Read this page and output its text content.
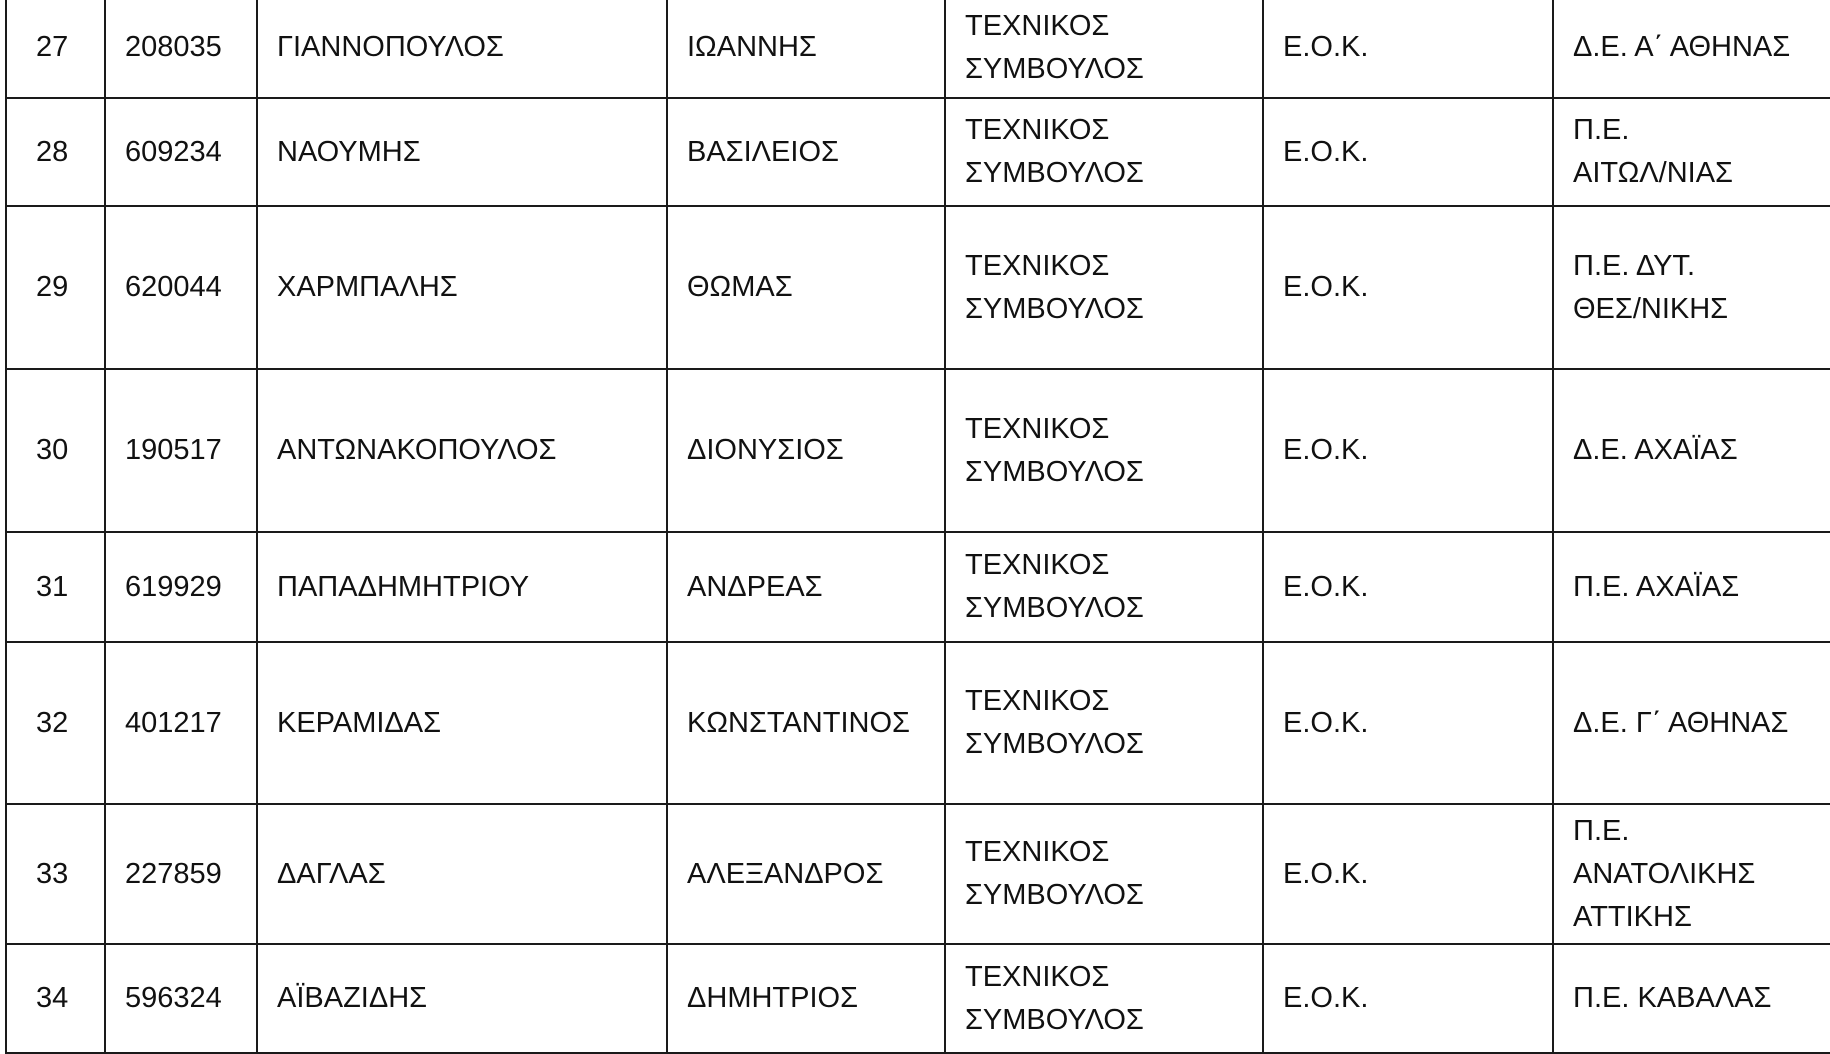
27	208035	ΓΙΑΝΝΟΠΟΥΛΟΣ	ΙΩΑΝΝΗΣ	ΤΕΧΝΙΚΟΣ
ΣΥΜΒΟΥΛΟΣ	Ε.Ο.Κ.	Δ.Ε. Α΄ ΑΘΗΝΑΣ

28	609234	ΝΑΟΥΜΗΣ	ΒΑΣΙΛΕΙΟΣ	ΤΕΧΝΙΚΟΣ
ΣΥΜΒΟΥΛΟΣ	Ε.Ο.Κ.	Π.Ε.
ΑΙΤΩΛ/ΝΙΑΣ

29	620044	ΧΑΡΜΠΑΛΗΣ	ΘΩΜΑΣ	ΤΕΧΝΙΚΟΣ
ΣΥΜΒΟΥΛΟΣ	Ε.Ο.Κ.	Π.Ε. ΔΥΤ.
ΘΕΣ/ΝΙΚΗΣ

30	190517	ΑΝΤΩΝΑΚΟΠΟΥΛΟΣ	ΔΙΟΝΥΣΙΟΣ	ΤΕΧΝΙΚΟΣ
ΣΥΜΒΟΥΛΟΣ	Ε.Ο.Κ.	Δ.Ε. ΑΧΑΪΑΣ

31	619929	ΠΑΠΑΔΗΜΗΤΡΙΟΥ	ΑΝΔΡΕΑΣ	ΤΕΧΝΙΚΟΣ
ΣΥΜΒΟΥΛΟΣ	Ε.Ο.Κ.	Π.Ε. ΑΧΑΪΑΣ

32	401217	ΚΕΡΑΜΙΔΑΣ	ΚΩΝΣΤΑΝΤΙΝΟΣ	ΤΕΧΝΙΚΟΣ
ΣΥΜΒΟΥΛΟΣ	Ε.Ο.Κ.	Δ.Ε. Γ΄ ΑΘΗΝΑΣ

33	227859	ΔΑΓΛΑΣ	ΑΛΕΞΑΝΔΡΟΣ	ΤΕΧΝΙΚΟΣ
ΣΥΜΒΟΥΛΟΣ	Ε.Ο.Κ.	Π.Ε.
ΑΝΑΤΟΛΙΚΗΣ
ΑΤΤΙΚΗΣ

34	596324	ΑΪΒΑΖΙΔΗΣ	ΔΗΜΗΤΡΙΟΣ	ΤΕΧΝΙΚΟΣ
ΣΥΜΒΟΥΛΟΣ	Ε.Ο.Κ.	Π.Ε. ΚΑΒΑΛΑΣ
